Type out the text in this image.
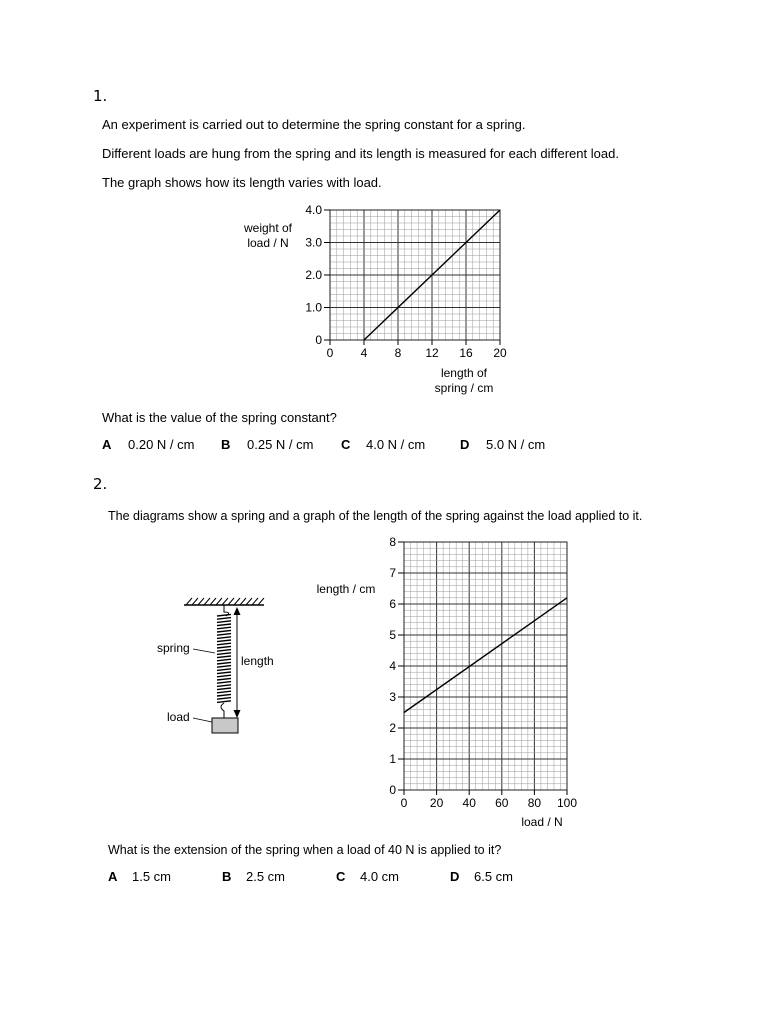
1.
An experiment is carried out to determine the spring constant for a spring.
Different loads are hung from the spring and its length is measured for each different load.
The graph shows how its length varies with load.
0 4 8 12 16 20
0
1.0
2.0
3.0
4.0
weight of
load / N
length of
spring / cm
What is the value of the spring constant?
A 0.20 N / cm B 0.25 N / cm C 4.0 N / cm	D 5.0 N / cm
2.
The diagrams show a spring and a graph of the length of the spring against the load applied to it.
spring
length
load
0 20 40 60 80 100
0
1
2
3
4
5
6
7
8
length / cm
load / N
What is the extension of the spring when a load of 40 N is applied to it?
A 1.5 cm	B 2.5 cm	C 4.0 cm	D 6.5 cm
